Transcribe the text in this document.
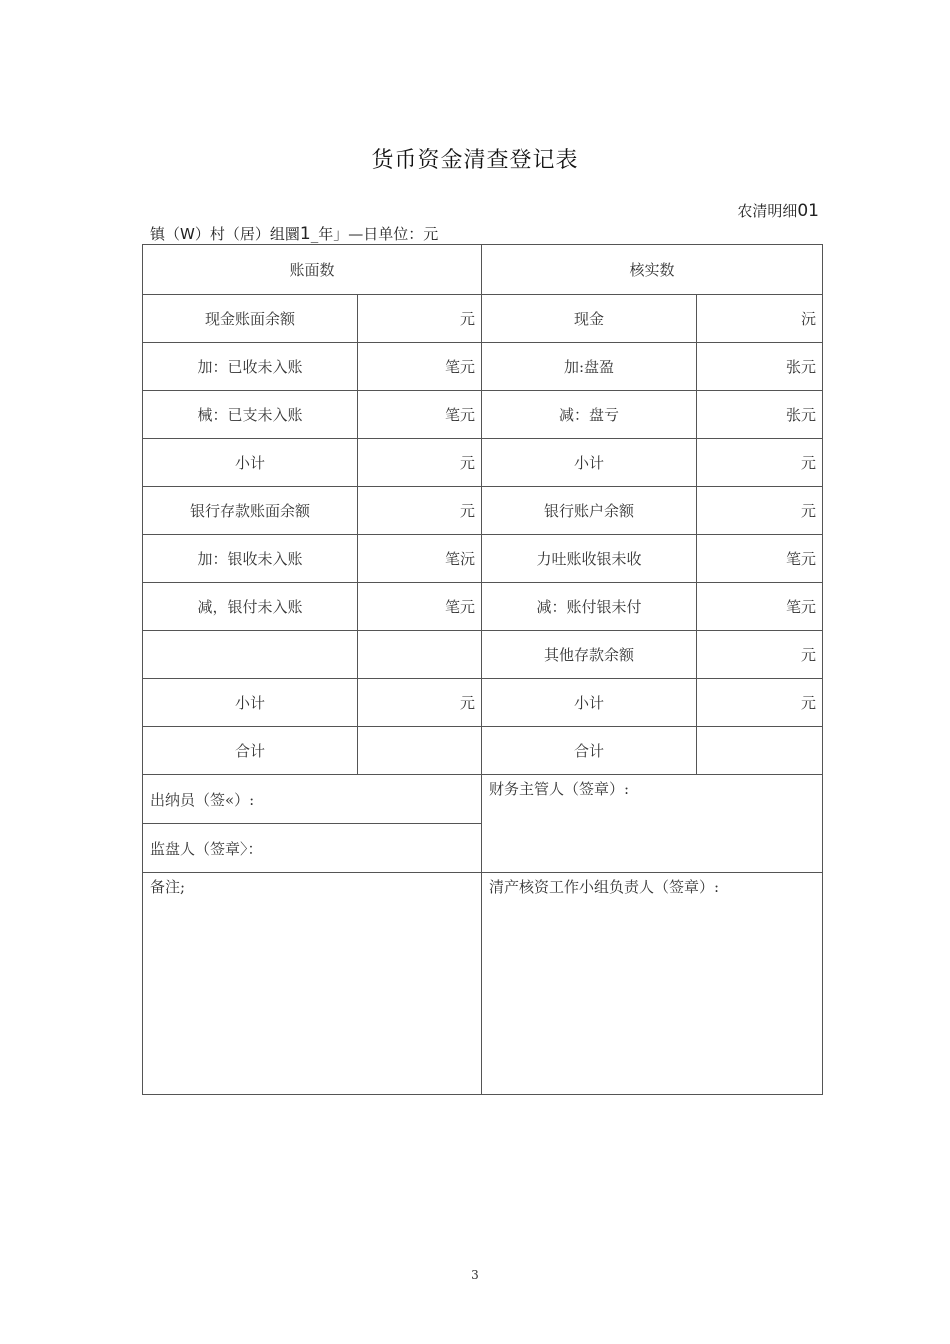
货币资金清查登记表
农清明细01
镇（W）村（居）组圜1_年」—日单位：元
账面数		核实数	
现金账面余额	元	现金	沅
加：已收未入账	笔元	加:盘盈	张元
械：已支未入账	笔元	减：盘亏	张元
小计	元	小计	元
银行存款账面余额	元	银行账户余额	元
加：银收未入账	笔沅	力吐账收银未收	笔元
减，银付未入账	笔元	减：账付银未付	笔元
		其他存款余额	元
小计	元	小计	元
合计		合计	
出纳员（签«）:		财务主管人（签章）:	
监盘人（签章〉：			
备注;		清产核资工作小组负责人（签章）:	
3
